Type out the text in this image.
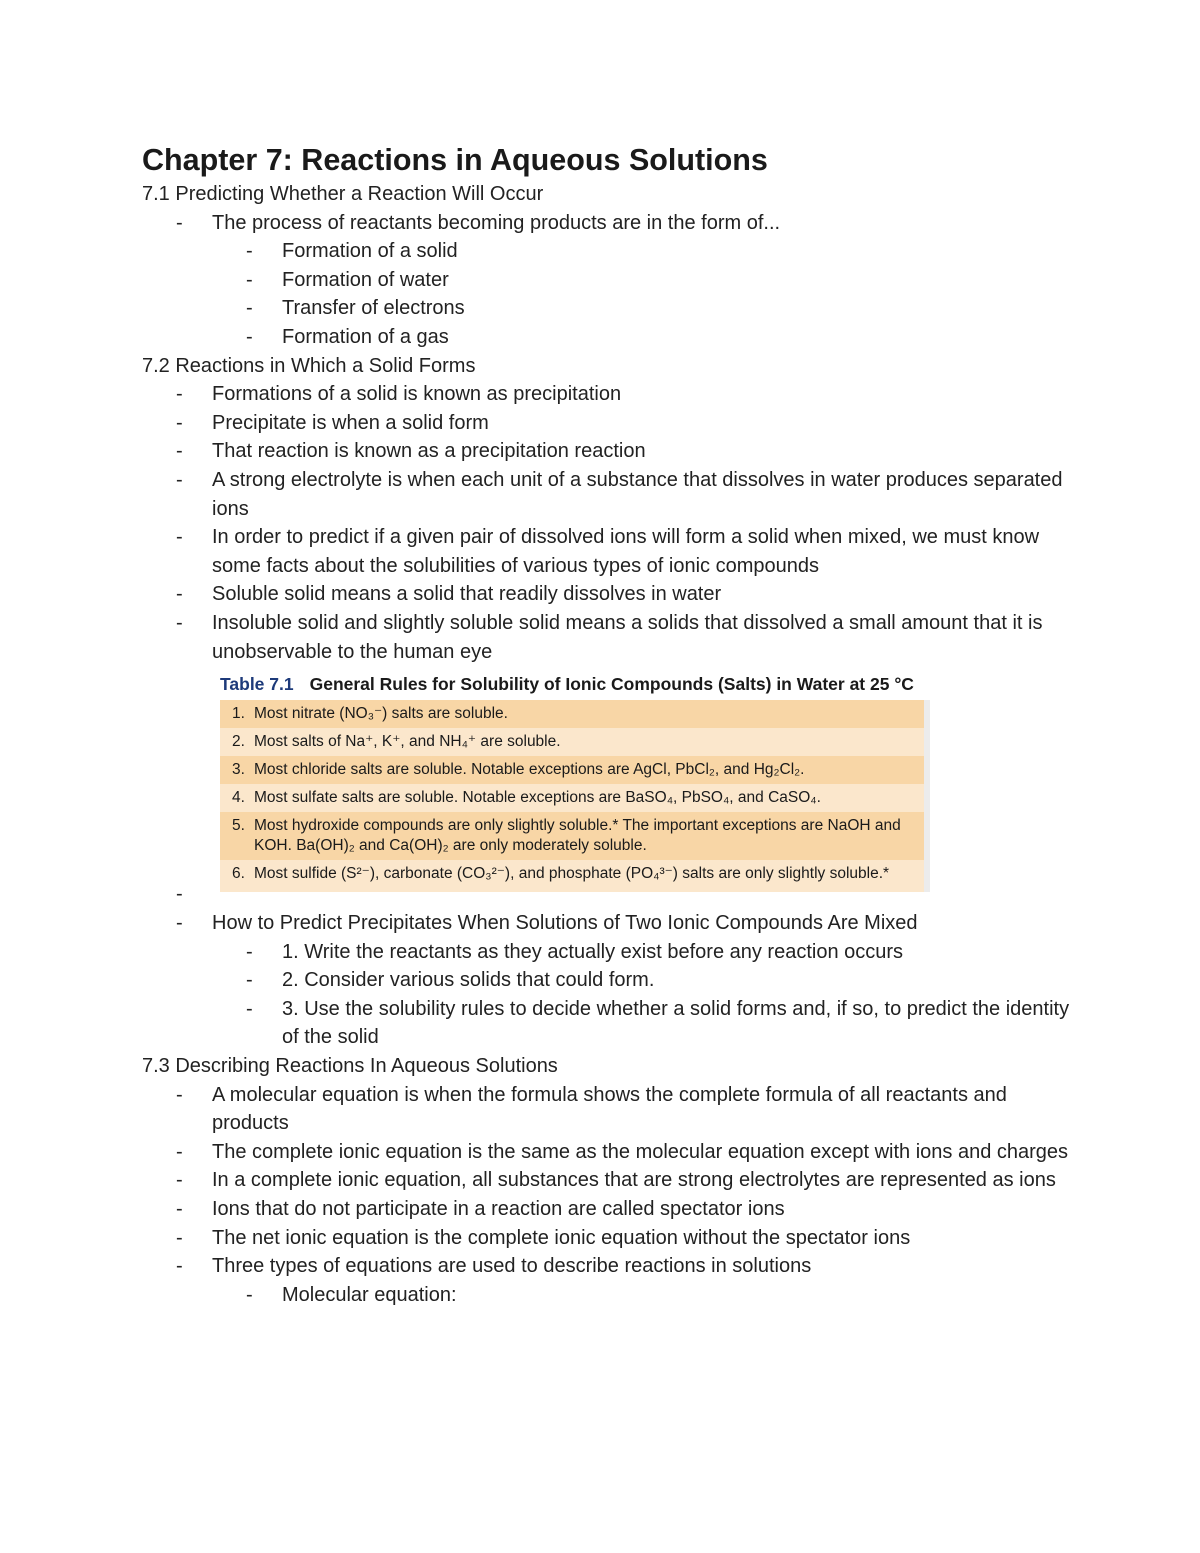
Chapter 7: Reactions in Aqueous Solutions

7.1 Predicting Whether a Reaction Will Occur

- The process of reactants becoming products are in the form of...
- Formation of a solid
- Formation of water
- Transfer of electrons
- Formation of a gas

7.2 Reactions in Which a Solid Forms

- Formations of a solid is known as precipitation
- Precipitate is when a solid form
- That reaction is known as a precipitation reaction
- A strong electrolyte is when each unit of a substance that dissolves in water produces separated ions
- In order to predict if a given pair of dissolved ions will form a solid when mixed, we must know some facts about the solubilities of various types of ionic compounds
- Soluble solid means a solid that readily dissolves in water
- Insoluble solid and slightly soluble solid means a solids that dissolved a small amount that it is unobservable to the human eye
-
Table 7.1 General Rules for Solubility of Ionic Compounds (Salts) in Water at 25 °C
1. Most nitrate (NO₃⁻) salts are soluble.
2. Most salts of Na⁺, K⁺, and NH₄⁺ are soluble.
3. Most chloride salts are soluble. Notable exceptions are AgCl, PbCl₂, and Hg₂Cl₂.
4. Most sulfate salts are soluble. Notable exceptions are BaSO₄, PbSO₄, and CaSO₄.
5. Most hydroxide compounds are only slightly soluble.* The important exceptions are NaOH and KOH. Ba(OH)₂ and Ca(OH)₂ are only moderately soluble.
6. Most sulfide (S²⁻), carbonate (CO₃²⁻), and phosphate (PO₄³⁻) salts are only slightly soluble.*
- How to Predict Precipitates When Solutions of Two Ionic Compounds Are Mixed
- 1. Write the reactants as they actually exist before any reaction occurs
- 2. Consider various solids that could form.
- 3. Use the solubility rules to decide whether a solid forms and, if so, to predict the identity of the solid

7.3 Describing Reactions In Aqueous Solutions

- A molecular equation is when the formula shows the complete formula of all reactants and products
- The complete ionic equation is the same as the molecular equation except with ions and charges
- In a complete ionic equation, all substances that are strong electrolytes are represented as ions
- Ions that do not participate in a reaction are called spectator ions
- The net ionic equation is the complete ionic equation without the spectator ions
- Three types of equations are used to describe reactions in solutions
- Molecular equation:
